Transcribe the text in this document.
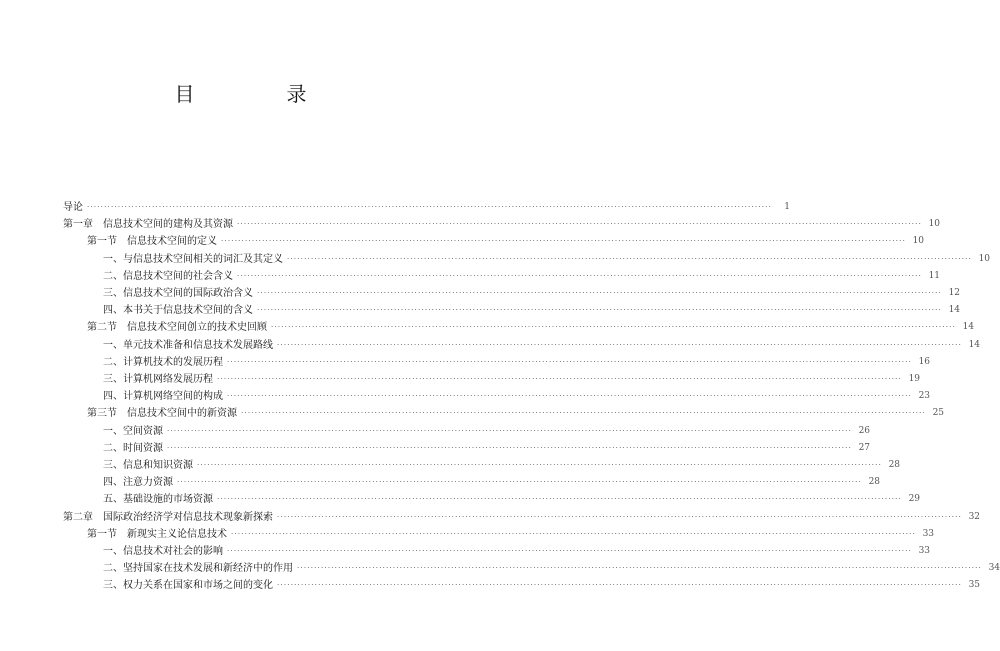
目　录
导论 ········································································································································································································	1
第一章　信息技术空间的建构及其资源 ········································································································································································································ 10
第一节　信息技术空间的定义 ········································································································································································································ 10
一、与信息技术空间相关的词汇及其定义 ········································································································································································································ 10
二、信息技术空间的社会含义 ········································································································································································································ 11
三、信息技术空间的国际政治含义 ········································································································································································································ 12
四、本书关于信息技术空间的含义 ········································································································································································································ 14
第二节　信息技术空间创立的技术史回顾 ········································································································································································································ 14
一、单元技术准备和信息技术发展路线 ········································································································································································································ 14
二、计算机技术的发展历程 ········································································································································································································ 16
三、计算机网络发展历程 ········································································································································································································ 19
四、计算机网络空间的构成 ········································································································································································································ 23
第三节　信息技术空间中的新资源 ········································································································································································································ 25
一、空间资源 ········································································································································································································ 26
二、时间资源 ········································································································································································································ 27
三、信息和知识资源 ········································································································································································································ 28
四、注意力资源 ········································································································································································································ 28
五、基础设施的市场资源 ········································································································································································································ 29
第二章　国际政治经济学对信息技术现象新探索 ········································································································································································································ 32
第一节　新现实主义论信息技术 ········································································································································································································ 33
一、信息技术对社会的影响 ········································································································································································································ 33
二、坚持国家在技术发展和新经济中的作用 ········································································································································································································ 34
三、权力关系在国家和市场之间的变化 ········································································································································································································ 35
